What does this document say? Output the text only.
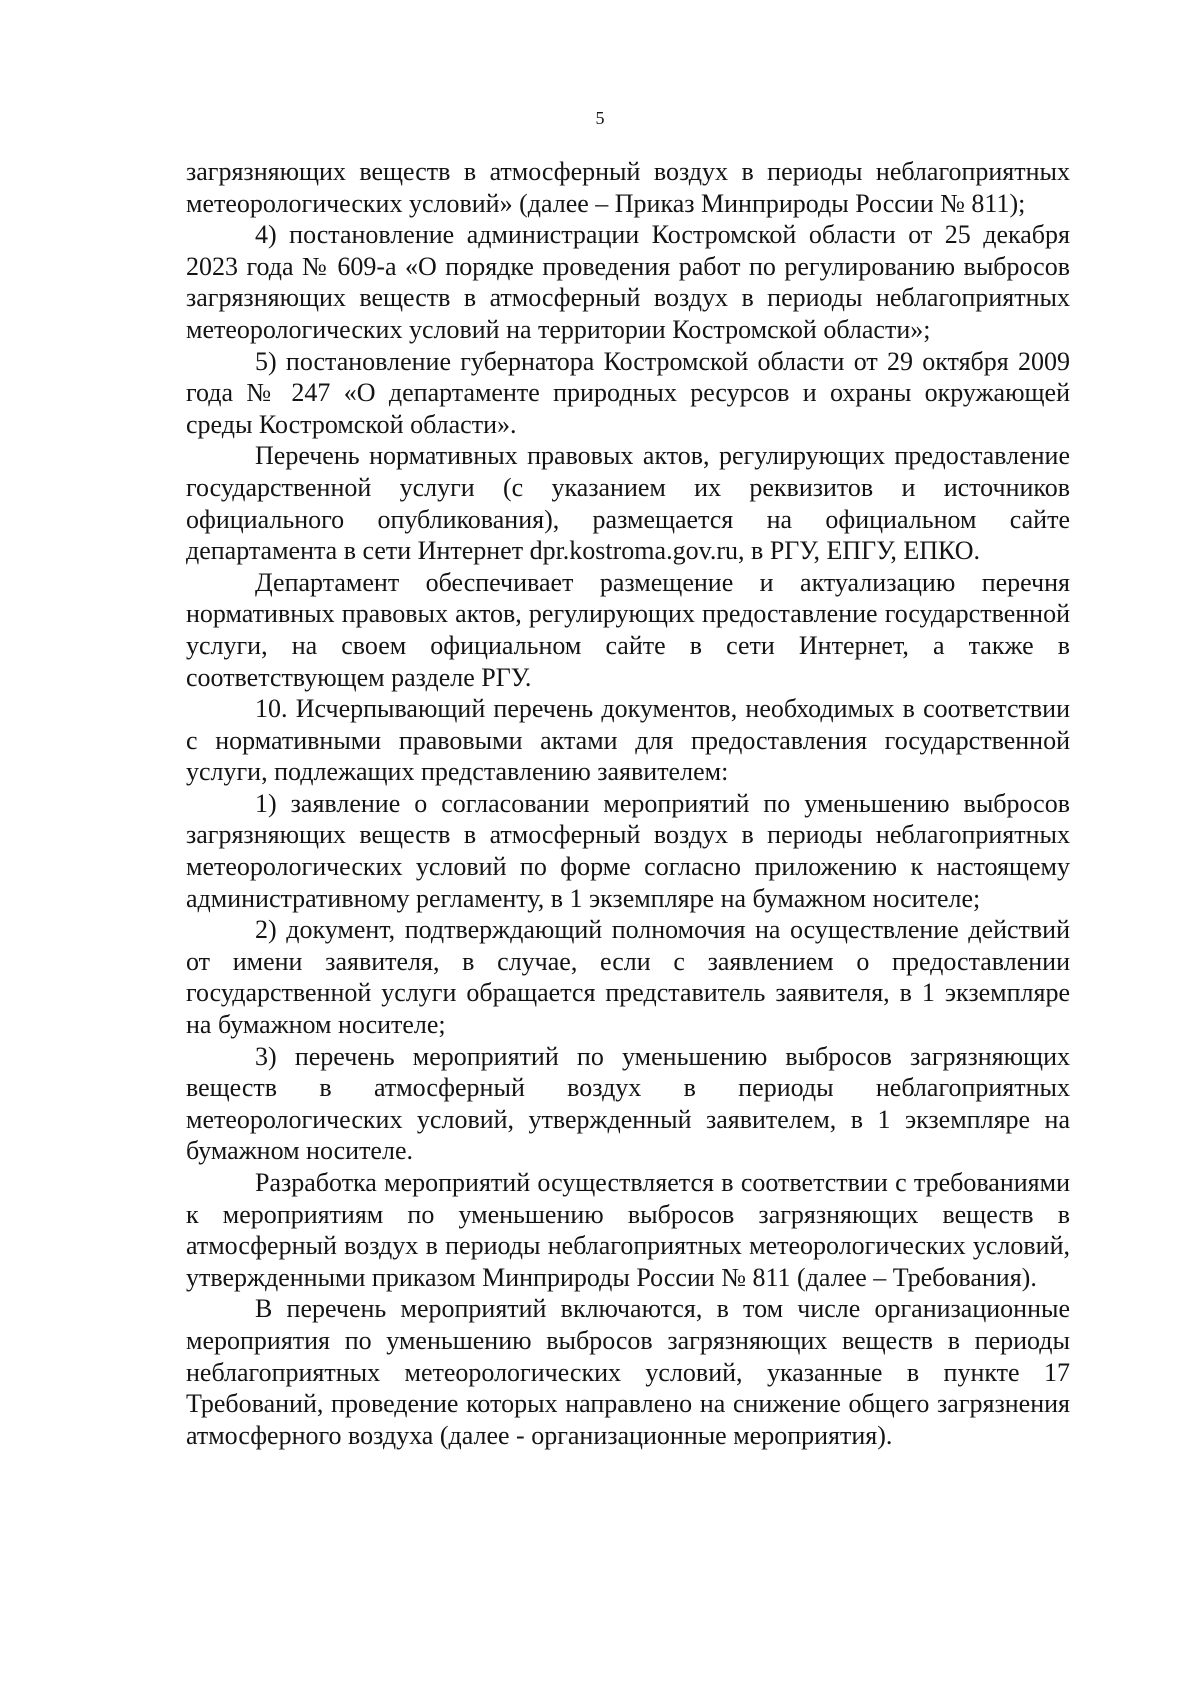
5

загрязняющих веществ в атмосферный воздух в периоды неблагоприятных метеорологических условий» (далее – Приказ Минприроды России № 811);

4) постановление администрации Костромской области от 25 декабря 2023 года № 609-а «О порядке проведения работ по регулированию выбросов загрязняющих веществ в атмосферный воздух в периоды неблагоприятных метеорологических условий на территории Костромской области»;

5) постановление губернатора Костромской области от 29 октября 2009 года № 247 «О департаменте природных ресурсов и охраны окружающей среды Костромской области».

Перечень нормативных правовых актов, регулирующих предоставление государственной услуги (с указанием их реквизитов и источников официального опубликования), размещается на официальном сайте департамента в сети Интернет dpr.kostroma.gov.ru, в РГУ, ЕПГУ, ЕПКО.

Департамент обеспечивает размещение и актуализацию перечня нормативных правовых актов, регулирующих предоставление государственной услуги, на своем официальном сайте в сети Интернет, а также в соответствующем разделе РГУ.

10. Исчерпывающий перечень документов, необходимых в соответствии с нормативными правовыми актами для предоставления государственной услуги, подлежащих представлению заявителем:

1) заявление о согласовании мероприятий по уменьшению выбросов загрязняющих веществ в атмосферный воздух в периоды неблагоприятных метеорологических условий по форме согласно приложению к настоящему административному регламенту, в 1 экземпляре на бумажном носителе;

2) документ, подтверждающий полномочия на осуществление действий от имени заявителя, в случае, если с заявлением о предоставлении государственной услуги обращается представитель заявителя, в 1 экземпляре на бумажном носителе;

3) перечень мероприятий по уменьшению выбросов загрязняющих веществ в атмосферный воздух в периоды неблагоприятных метеорологических условий, утвержденный заявителем, в 1 экземпляре на бумажном носителе.

Разработка мероприятий осуществляется в соответствии с требованиями к мероприятиям по уменьшению выбросов загрязняющих веществ в атмосферный воздух в периоды неблагоприятных метеорологических условий, утвержденными приказом Минприроды России № 811 (далее – Требования).

В перечень мероприятий включаются, в том числе организационные мероприятия по уменьшению выбросов загрязняющих веществ в периоды неблагоприятных метеорологических условий, указанные в пункте 17 Требований, проведение которых направлено на снижение общего загрязнения атмосферного воздуха (далее - организационные мероприятия).
